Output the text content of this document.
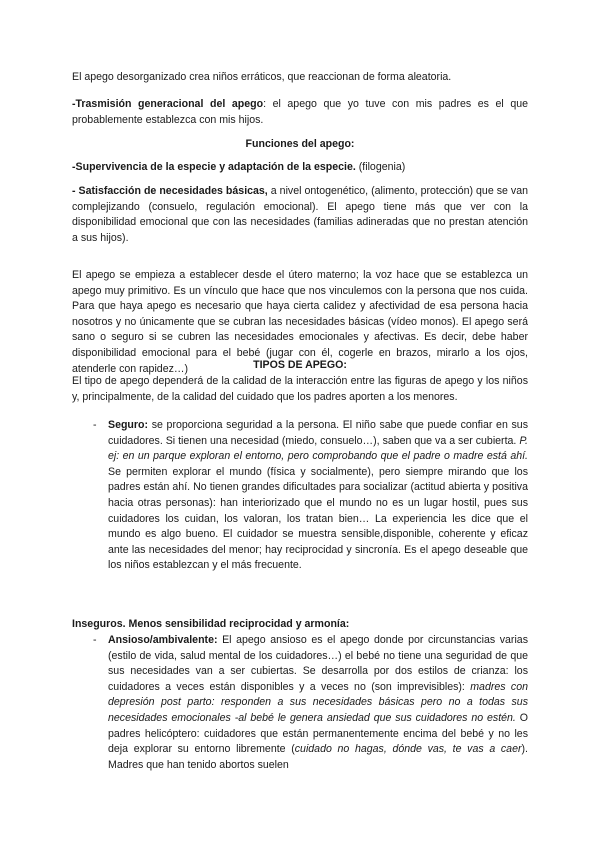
El apego desorganizado crea niños erráticos, que reaccionan de forma aleatoria.

-Trasmisión generacional del apego: el apego que yo tuve con mis padres es el que probablemente establezca con mis hijos.

Funciones del apego:

-Supervivencia de la especie y adaptación de la especie. (filogenia)

- Satisfacción de necesidades básicas, a nivel ontogenético, (alimento, protección) que se van complejizando (consuelo, regulación emocional). El apego tiene más que ver con la disponibilidad emocional que con las necesidades (familias adineradas que no prestan atención a sus hijos).

El apego se empieza a establecer desde el útero materno; la voz hace que se establezca un apego muy primitivo. Es un vínculo que hace que nos vinculemos con la persona que nos cuida. Para que haya apego es necesario que haya cierta calidez y afectividad de esa persona hacia nosotros y no únicamente que se cubran las necesidades básicas (vídeo monos). El apego será sano o seguro si se cubren las necesidades emocionales y afectivas. Es decir, debe haber disponibilidad emocional para el bebé (jugar con él, cogerle en brazos, mirarlo a los ojos, atenderle con rapidez…)	TIPOS DE APEGO:

El tipo de apego dependerá de la calidad de la interacción entre las figuras de apego y los niños y, principalmente, de la calidad del cuidado que los padres aporten a los menores.

- Seguro: se proporciona seguridad a la persona. El niño sabe que puede confiar en sus cuidadores. Si tienen una necesidad (miedo, consuelo…), saben que va a ser cubierta. P. ej: en un parque exploran el entorno, pero comprobando que el padre o madre está ahí. Se permiten explorar el mundo (física y socialmente), pero siempre mirando que los padres están ahí. No tienen grandes dificultades para socializar (actitud abierta y positiva hacia otras personas): han interiorizado que el mundo no es un lugar hostil, pues sus cuidadores los cuidan, los valoran, los tratan bien… La experiencia les dice que el mundo es algo bueno. El cuidador se muestra sensible,disponible, coherente y eficaz ante las necesidades del menor; hay reciprocidad y sincronía. Es el apego deseable que los niños establezcan y el más frecuente.

Inseguros. Menos sensibilidad reciprocidad y armonía:

- Ansioso/ambivalente: El apego ansioso es el apego donde por circunstancias varias (estilo de vida, salud mental de los cuidadores…) el bebé no tiene una seguridad de que sus necesidades van a ser cubiertas. Se desarrolla por dos estilos de crianza: los cuidadores a veces están disponibles y a veces no (son imprevisibles): madres con depresión post parto: responden a sus necesidades básicas pero no a todas sus necesidades emocionales -al bebé le genera ansiedad que sus cuidadores no estén. O padres helicóptero: cuidadores que están permanentemente encima del bebé y no les deja explorar su entorno libremente (cuidado no hagas, dónde vas, te vas a caer). Madres que han tenido abortos suelen
